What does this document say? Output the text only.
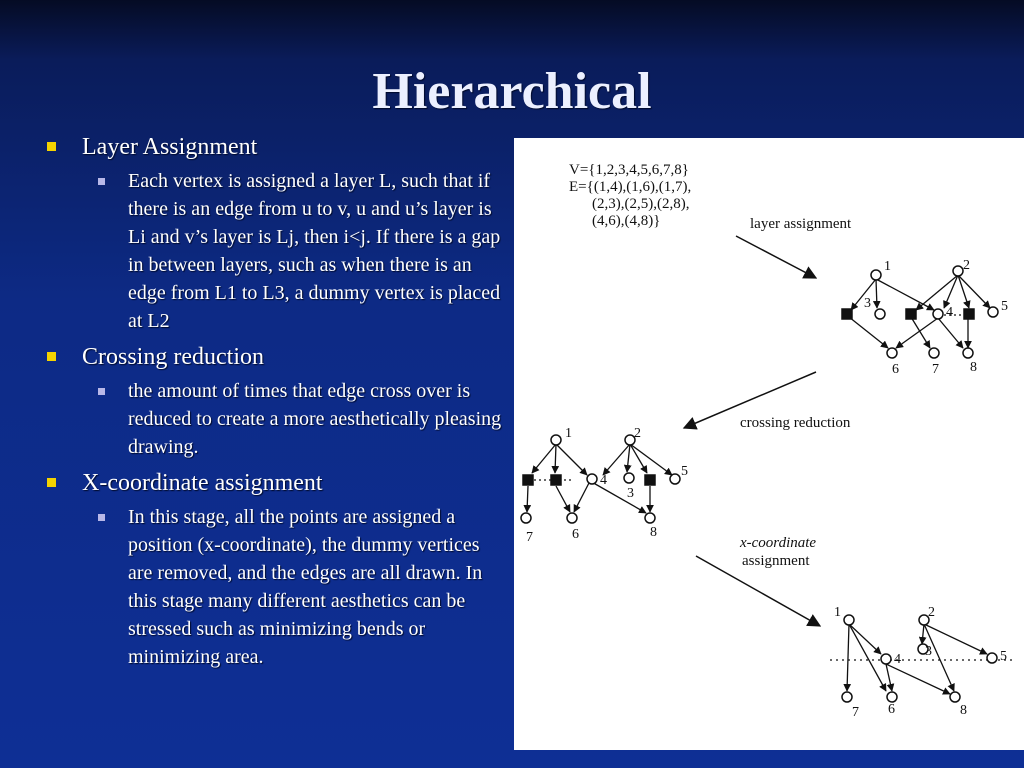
Hierarchical
Layer Assignment
Each vertex is assigned a layer L, such that if there is an edge from u to v, u and u’s layer is Li and v’s layer is Lj, then i<j. If there is a gap in between layers, such as when there is an edge from L1 to L3, a dummy vertex is placed at L2
Crossing reduction
the amount of times that edge cross over is reduced to create a more aesthetically pleasing drawing.
X-coordinate assignment
In this stage, all the points are assigned a position (x-coordinate), the dummy vertices are removed, and the edges are all drawn. In this stage many different aesthetics can be stressed such as minimizing bends or minimizing area.
V={1,2,3,4,5,6,7,8}
E={(1,4),(1,6),(1,7),
(2,3),(2,5),(2,8),
(4,6),(4,8)}	layer assignment
crossing reduction
x-coordinate
assignment
1	2
3
4	5
6 7 8
1	2
3
4
5
6
7	8
1	2
3
4	5
6
7	8
